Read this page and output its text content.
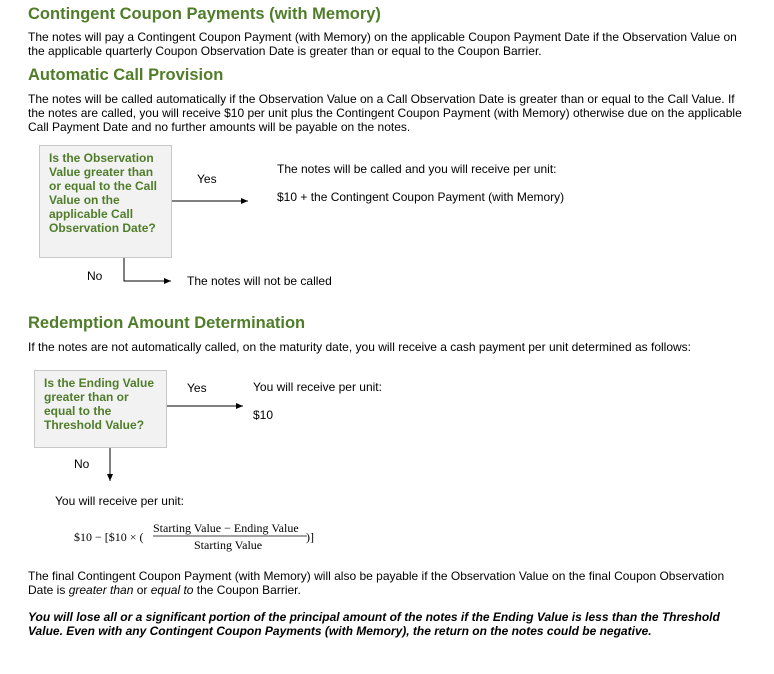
Contingent Coupon Payments (with Memory)
The notes will pay a Contingent Coupon Payment (with Memory) on the applicable Coupon Payment Date if the Observation Value on the applicable quarterly Coupon Observation Date is greater than or equal to the Coupon Barrier.
Automatic Call Provision
The notes will be called automatically if the Observation Value on a Call Observation Date is greater than or equal to the Call Value. If the notes are called, you will receive $10 per unit plus the Contingent Coupon Payment (with Memory) otherwise due on the applicable Call Payment Date and no further amounts will be payable on the notes.
Is the Observation Value greater than or equal to the Call Value on the applicable Call Observation Date?
Yes
The notes will be called and you will receive per unit:
$10 + the Contingent Coupon Payment (with Memory)
No	The notes will not be called
Redemption Amount Determination
If the notes are not automatically called, on the maturity date, you will receive a cash payment per unit determined as follows:
Is the Ending Value greater than or equal to the Threshold Value?
Yes	You will receive per unit:
$10
No
You will receive per unit:
$10 − [$10 × (
Starting Value − Ending Value
Starting Value
)]
The final Contingent Coupon Payment (with Memory) will also be payable if the Observation Value on the final Coupon Observation Date is greater than or equal to the Coupon Barrier.
You will lose all or a significant portion of the principal amount of the notes if the Ending Value is less than the Threshold Value. Even with any Contingent Coupon Payments (with Memory), the return on the notes could be negative.
